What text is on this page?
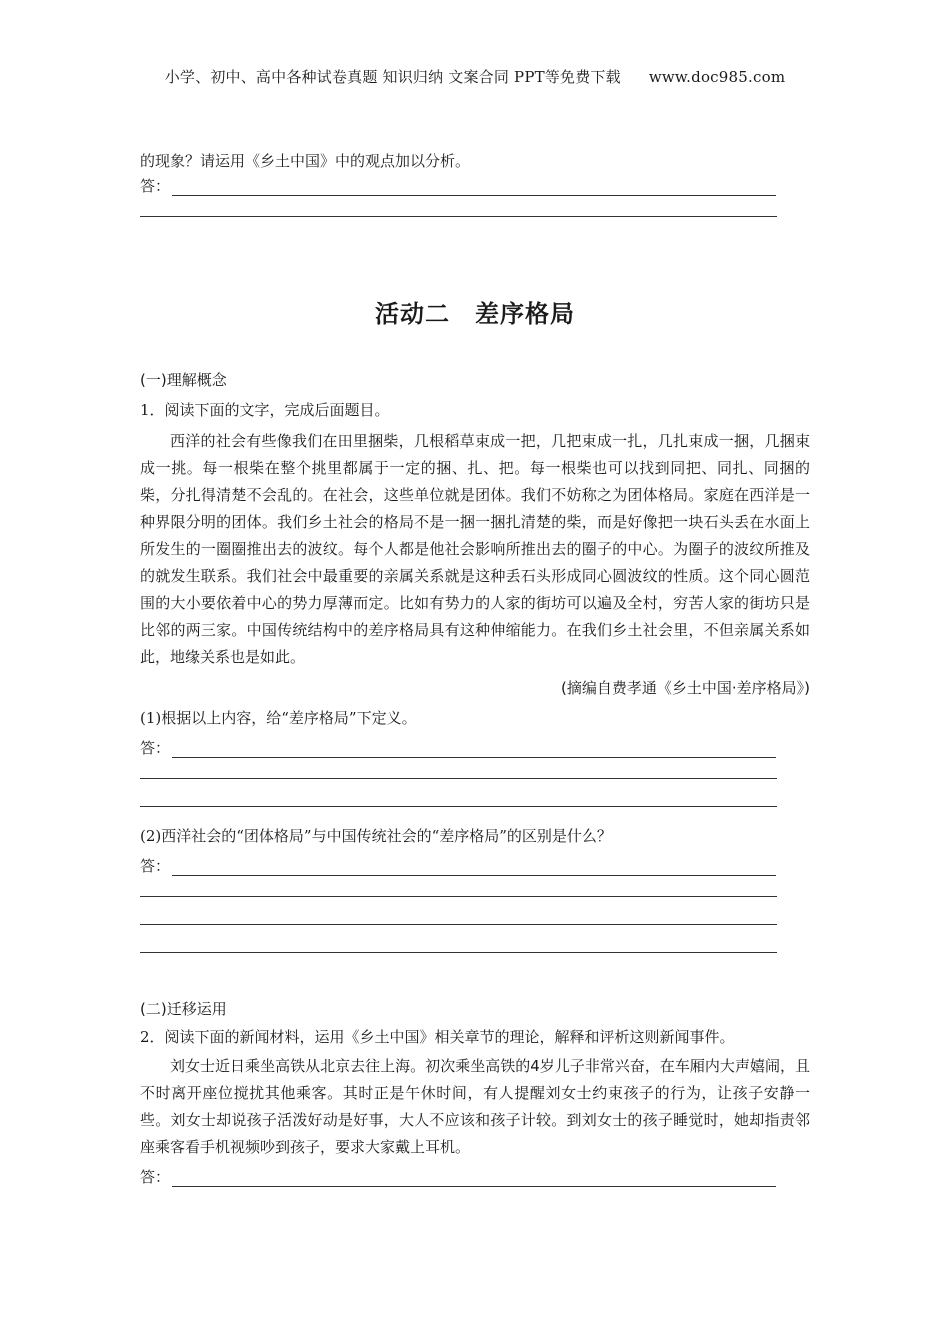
小学、初中、高中各种试卷真题 知识归纳 文案合同 PPT等免费下载 www.doc985.com
的现象？请运用《乡土中国》中的观点加以分析。
答：
活动二　差序格局
(一)理解概念
1．阅读下面的文字，完成后面题目。
西洋的社会有些像我们在田里捆柴，几根稻草束成一把，几把束成一扎，几扎束成一捆，几捆束成一挑。每一根柴在整个挑里都属于一定的捆、扎、把。每一根柴也可以找到同把、同扎、同捆的柴，分扎得清楚不会乱的。在社会，这些单位就是团体。我们不妨称之为团体格局。家庭在西洋是一种界限分明的团体。我们乡土社会的格局不是一捆一捆扎清楚的柴，而是好像把一块石头丢在水面上所发生的一圈圈推出去的波纹。每个人都是他社会影响所推出去的圈子的中心。为圈子的波纹所推及的就发生联系。我们社会中最重要的亲属关系就是这种丢石头形成同心圆波纹的性质。这个同心圆范围的大小要依着中心的势力厚薄而定。比如有势力的人家的街坊可以遍及全村，穷苦人家的街坊只是比邻的两三家。中国传统结构中的差序格局具有这种伸缩能力。在我们乡土社会里，不但亲属关系如此，地缘关系也是如此。
(摘编自费孝通《乡土中国·差序格局》)
(1)根据以上内容，给“差序格局”下定义。
答：
(2)西洋社会的“团体格局”与中国传统社会的“差序格局”的区别是什么？
答：
(二)迁移运用
2．阅读下面的新闻材料，运用《乡土中国》相关章节的理论，解释和评析这则新闻事件。
刘女士近日乘坐高铁从北京去往上海。初次乘坐高铁的4岁儿子非常兴奋，在车厢内大声嬉闹，且不时离开座位搅扰其他乘客。其时正是午休时间，有人提醒刘女士约束孩子的行为，让孩子安静一些。刘女士却说孩子活泼好动是好事，大人不应该和孩子计较。到刘女士的孩子睡觉时，她却指责邻座乘客看手机视频吵到孩子，要求大家戴上耳机。
答：
